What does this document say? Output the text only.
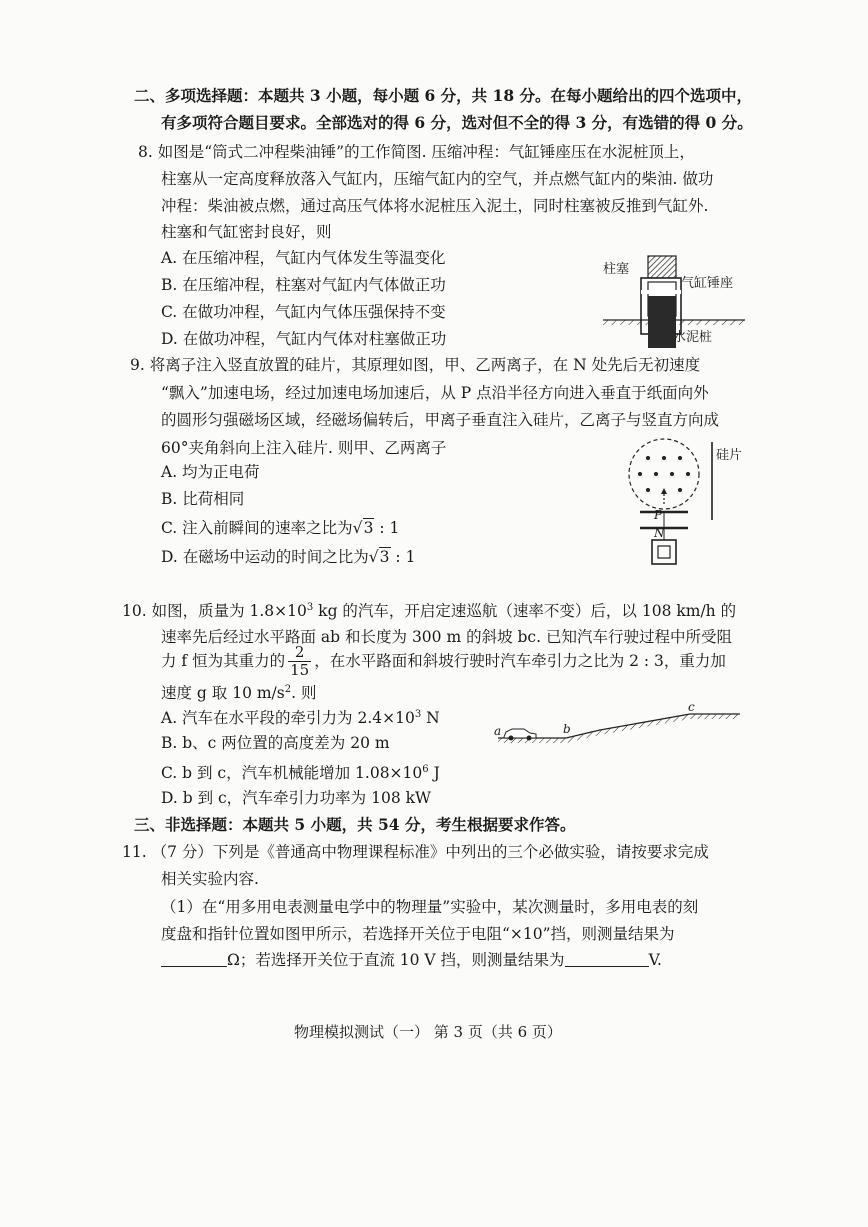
二、多项选择题：本题共 3 小题，每小题 6 分，共 18 分。在每小题给出的四个选项中，
有多项符合题目要求。全部选对的得 6 分，选对但不全的得 3 分，有选错的得 0 分。
8. 如图是“筒式二冲程柴油锤”的工作简图. 压缩冲程：气缸锤座压在水泥桩顶上，
柱塞从一定高度释放落入气缸内，压缩气缸内的空气，并点燃气缸内的柴油. 做功
冲程：柴油被点燃，通过高压气体将水泥桩压入泥土，同时柱塞被反推到气缸外.
柱塞和气缸密封良好，则
A. 在压缩冲程，气缸内气体发生等温变化
B. 在压缩冲程，柱塞对气缸内气体做正功
C. 在做功冲程，气缸内气体压强保持不变
D. 在做功冲程，气缸内气体对柱塞做正功
柱塞
气缸锤座
水泥桩
9. 将离子注入竖直放置的硅片，其原理如图，甲、乙两离子，在 N 处先后无初速度
“飘入”加速电场，经过加速电场加速后，从 P 点沿半径方向进入垂直于纸面向外
的圆形匀强磁场区域，经磁场偏转后，甲离子垂直注入硅片，乙离子与竖直方向成
60°夹角斜向上注入硅片. 则甲、乙两离子
A. 均为正电荷
B. 比荷相同
C. 注入前瞬间的速率之比为√3 : 1
D. 在磁场中运动的时间之比为√3 : 1
硅片
P
N
10. 如图，质量为 $1.8\times 10^3$ kg 的汽车，开启定速巡航（速率不变）后，以 108 km/h 的
速率先后经过水平路面 ab 和长度为 300 m 的斜坡 bc. 已知汽车行驶过程中所受阻
力 f 恒为其重力的 $\frac{2}{15}$ ，在水平路面和斜坡行驶时汽车牵引力之比为 2 : 3，重力加
速度 g 取 10 $m/s^2$. 则
A. 汽车在水平段的牵引力为 $2.4\times 10^3$ N
B. b、c 两位置的高度差为 20 m
C. b 到 c，汽车机械能增加 $1.08\times 10^6$ J
D. b 到 c，汽车牵引力功率为 108 kW
a	b
c
三、非选择题：本题共 5 小题，共 54 分，考生根据要求作答。
11. （7 分）下列是《普通高中物理课程标准》中列出的三个必做实验，请按要求完成
相关实验内容.
（1）在“用多用电表测量电学中的物理量”实验中，某次测量时，多用电表的刻
度盘和指针位置如图甲所示，若选择开关位于电阻“×10”挡，则测量结果为
Ω；若选择开关位于直流 10 V 挡，则测量结果为	V.
物理模拟测试（一） 第 3 页（共 6 页）
